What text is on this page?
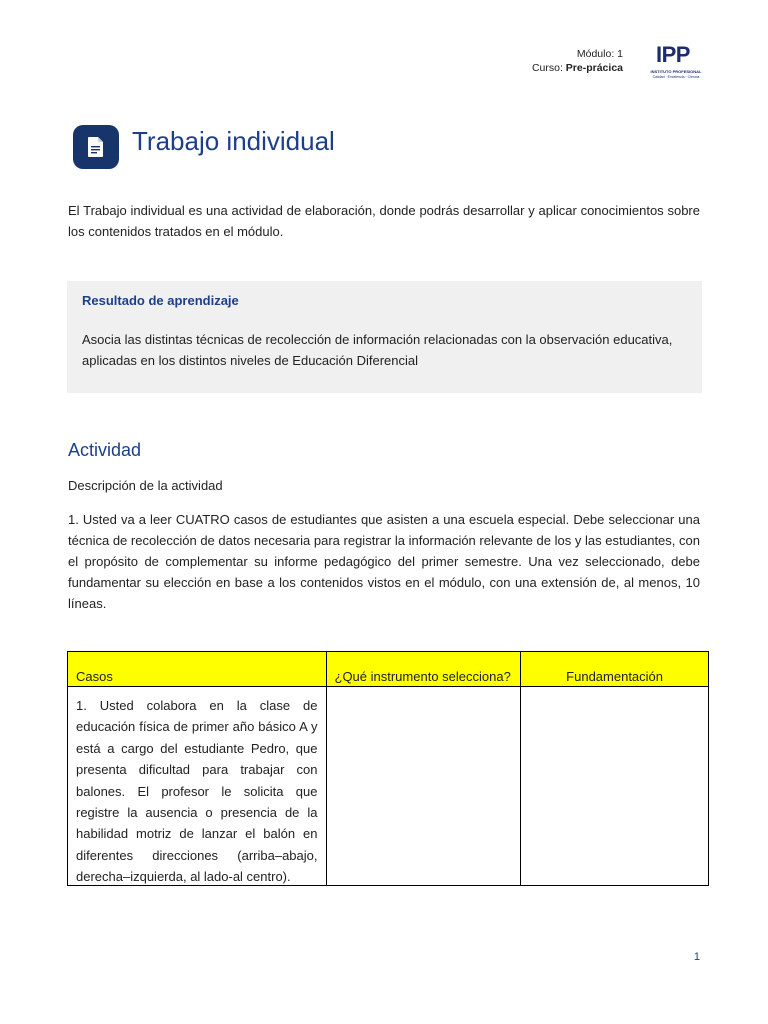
Módulo: 1
Curso: Pre-prácica
IPP
INSTITUTO PROFESIONAL
Calidad · Excelencia · Ciencia
Trabajo individual
El Trabajo individual es una actividad de elaboración, donde podrás desarrollar y aplicar conocimientos sobre los contenidos tratados en el módulo.
Resultado de aprendizaje
Asocia las distintas técnicas de recolección de información relacionadas con la observación educativa, aplicadas en los distintos niveles de Educación Diferencial
Actividad
Descripción de la actividad
1. Usted va a leer CUATRO casos de estudiantes que asisten a una escuela especial. Debe seleccionar una técnica de recolección de datos necesaria para registrar la información relevante de los y las estudiantes, con el propósito de complementar su informe pedagógico del primer semestre. Una vez seleccionado, debe fundamentar su elección en base a los contenidos vistos en el módulo, con una extensión de, al menos, 10 líneas.
Casos	¿Qué instrumento selecciona?	Fundamentación

1. Usted colabora en la clase de educación física de primer año básico A y está a cargo del estudiante Pedro, que presenta dificultad para trabajar con balones. El profesor le solicita que registre la ausencia o presencia de la habilidad motriz de lanzar el balón en diferentes direcciones (arriba–abajo, derecha–izquierda, al lado-al centro).		

1
